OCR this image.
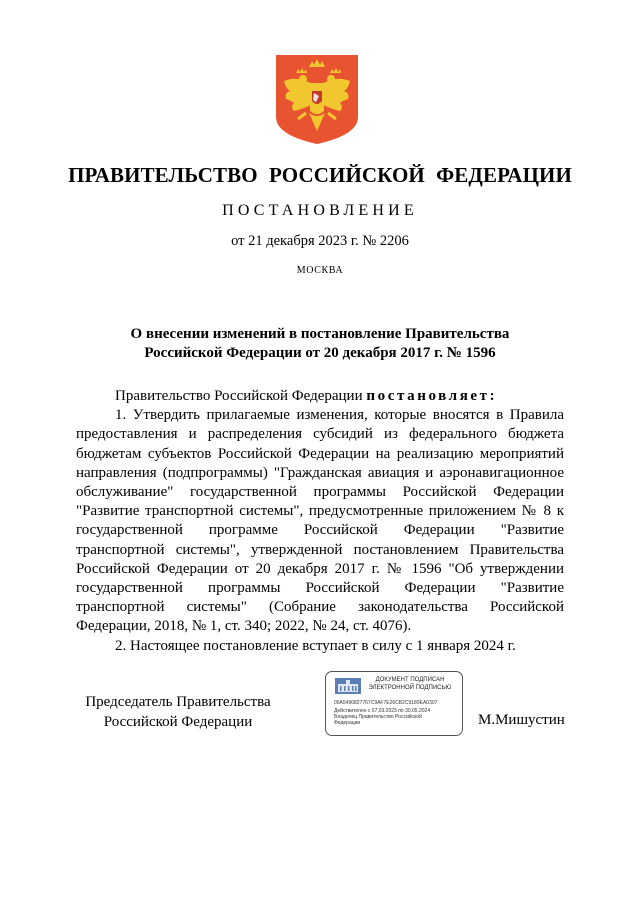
ПРАВИТЕЛЬСТВО РОССИЙСКОЙ ФЕДЕРАЦИИ
ПОСТАНОВЛЕНИЕ
от 21 декабря 2023 г. № 2206
МОСКВА
О внесении изменений в постановление Правительства
Российской Федерации от 20 декабря 2017 г. № 1596

Правительство Российской Федерации постановляет:

1. Утвердить прилагаемые изменения, которые вносятся в Правила предоставления и распределения субсидий из федерального бюджета бюджетам субъектов Российской Федерации на реализацию мероприятий направления (подпрограммы) "Гражданская авиация и аэронавигационное обслуживание" государственной программы Российской Федерации "Развитие транспортной системы", предусмотренные приложением № 8 к государственной программе Российской Федерации "Развитие транспортной системы", утвержденной постановлением Правительства Российской Федерации от 20 декабря 2017 г. № 1596 "Об утверждении государственной программы Российской Федерации "Развитие транспортной системы" (Собрание законодательства Российской Федерации, 2018, № 1, ст. 340; 2022, № 24, ст. 4076).

2. Настоящее постановление вступает в силу с 1 января 2024 г.

Председатель Правительства
Российской Федерации
ДОКУМЕНТ ПОДПИСАН
ЭЛЕКТРОННОЙ ПОДПИСЬЮ
00A5490827767C9AF7E26CB2C9189EA0307
Действителен с 07.03.2023 по 30.05.2024
Владелец Правительство Российской
Федерации	М.Мишустин
